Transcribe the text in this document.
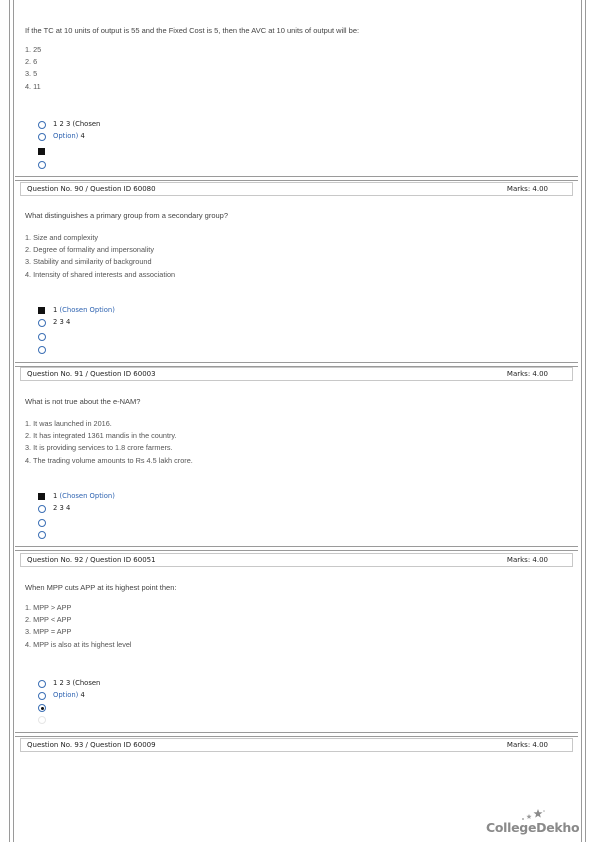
If the TC at 10 units of output is 55 and the Fixed Cost is 5, then the AVC at 10 units of output will be:

1. 25
2. 6
3. 5
4. 11
1 2 3 (Chosen
Option) 4
Question No. 90 / Question ID 60080	Marks: 4.00

What distinguishes a primary group from a secondary group?

1. Size and complexity
2. Degree of formality and impersonality
3. Stability and similarity of background
4. Intensity of shared interests and association
1 (Chosen Option)
2 3 4
Question No. 91 / Question ID 60003	Marks: 4.00

What is not true about the e-NAM?

1. It was launched in 2016.
2. It has integrated 1361 mandis in the country.
3. It is providing services to 1.8 crore farmers.
4. The trading volume amounts to Rs 4.5 lakh crore.
1 (Chosen Option)
2 3 4
Question No. 92 / Question ID 60051	Marks: 4.00

When MPP cuts APP at its highest point then:

1. MPP > APP
2. MPP < APP
3. MPP = APP
4. MPP is also at its highest level
1 2 3 (Chosen
Option) 4
Question No. 93 / Question ID 60009	Marks: 4.00
CollegeDekho
